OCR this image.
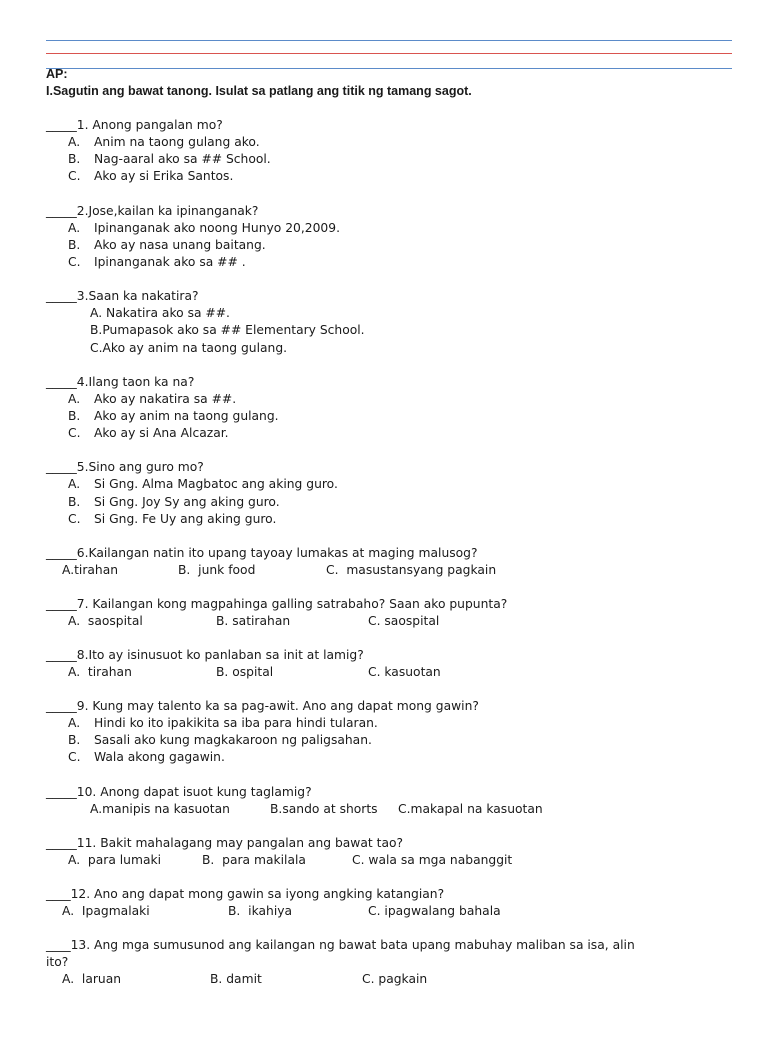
AP:
I.Sagutin ang bawat tanong. Isulat sa patlang ang titik ng tamang sagot.
_____1. Anong pangalan mo?
A. Anim na taong gulang ako.
B. Nag-aaral ako sa ## School.
C. Ako ay si Erika Santos.
_____2.Jose,kailan ka ipinanganak?
A. Ipinanganak ako noong Hunyo 20,2009.
B. Ako ay nasa unang baitang.
C. Ipinanganak ako sa ## .
_____3.Saan ka nakatira?
A. Nakatira ako sa ##.
B.Pumapasok ako sa ## Elementary School.
C.Ako ay anim na taong gulang.
_____4.Ilang taon ka na?
A. Ako ay nakatira sa ##.
B. Ako ay anim na taong gulang.
C. Ako ay si Ana Alcazar.
_____5.Sino ang guro mo?
A. Si Gng. Alma Magbatoc ang aking guro.
B. Si Gng. Joy Sy ang aking guro.
C. Si Gng. Fe Uy ang aking guro.
_____6.Kailangan natin ito upang tayoay lumakas at maging malusog?

A.tirahan

	B.  junk food

	C.  masustansyang pagkain

_____7. Kailangan kong magpahinga galling satrabaho? Saan ako pupunta?

A.  saospital

	B. satirahan

	C. saospital

_____8.Ito ay isinusuot ko panlaban sa init at lamig?

A.  tirahan

	B. ospital

	C. kasuotan

_____9. Kung may talento ka sa pag-awit. Ano ang dapat mong gawin?
A. Hindi ko ito ipakikita sa iba para hindi tularan.
B. Sasali ako kung magkakaroon ng paligsahan.
C. Wala akong gagawin.
_____10. Anong dapat isuot kung taglamig?

A.manipis na kasuotan

	B.sando at shorts

C.makapal na kasuotan

_____11. Bakit mahalagang may pangalan ang bawat tao?

A.  para lumaki

	B.  para makilala

	C. wala sa mga nabanggit

____12. Ano ang dapat mong gawin sa iyong angking katangian?

A.  Ipagmalaki

	B.  ikahiya

	C. ipagwalang bahala

____13. Ang mga sumusunod ang kailangan ng bawat bata upang mabuhay maliban sa isa, alin
ito?

A.  laruan

	B. damit

	C. pagkain
